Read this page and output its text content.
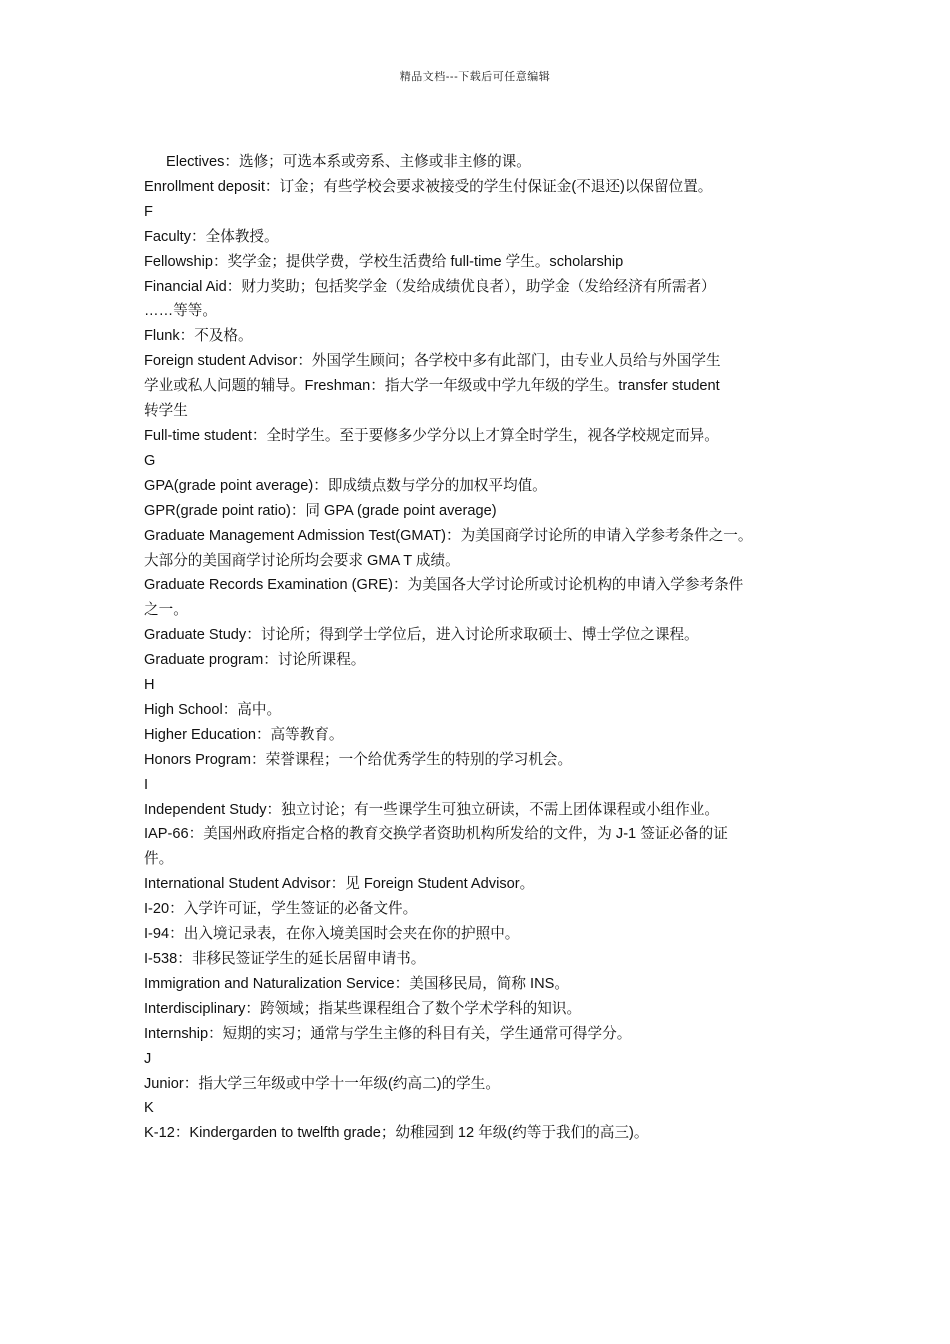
精品文档---下载后可任意编辑
Electives：选修；可选本系或旁系、主修或非主修的课。
Enrollment deposit：订金；有些学校会要求被接受的学生付保证金(不退还)以保留位置。
F
Faculty：全体教授。
Fellowship：奖学金；提供学费，学校生活费给 full-time 学生。scholarship
Financial Aid：财力奖助；包括奖学金（发给成绩优良者），助学金（发给经济有所需者）
……等等。
Flunk：不及格。
Foreign student Advisor：外国学生顾问；各学校中多有此部门，由专业人员给与外国学生
学业或私人问题的辅导。Freshman：指大学一年级或中学九年级的学生。transfer student
转学生
Full-time student：全时学生。至于要修多少学分以上才算全时学生，视各学校规定而异。
G
GPA(grade point average)：即成绩点数与学分的加权平均值。
GPR(grade point ratio)：同 GPA (grade point average)
Graduate Management Admission Test(GMAT)：为美国商学讨论所的申请入学参考条件之一。
大部分的美国商学讨论所均会要求 GMA T 成绩。
Graduate Records Examination (GRE)：为美国各大学讨论所或讨论机构的申请入学参考条件
之一。
Graduate Study：讨论所；得到学士学位后，进入讨论所求取硕士、博士学位之课程。
Graduate program：讨论所课程。
H
High School：高中。
Higher Education：高等教育。
Honors Program：荣誉课程；一个给优秀学生的特别的学习机会。
I
Independent Study：独立讨论；有一些课学生可独立研读，不需上团体课程或小组作业。
IAP-66：美国州政府指定合格的教育交换学者资助机构所发给的文件，为 J-1 签证必备的证
件。
International Student Advisor：见 Foreign Student Advisor。
I-20：入学许可证，学生签证的必备文件。
I-94：出入境记录表，在你入境美国时会夹在你的护照中。
I-538：非移民签证学生的延长居留申请书。
Immigration and Naturalization Service：美国移民局，简称 INS。
Interdisciplinary：跨领域；指某些课程组合了数个学术学科的知识。
Internship：短期的实习；通常与学生主修的科目有关，学生通常可得学分。
J
Junior：指大学三年级或中学十一年级(约高二)的学生。
K
K-12：Kindergarden to twelfth grade；幼稚园到 12 年级(约等于我们的高三)。
